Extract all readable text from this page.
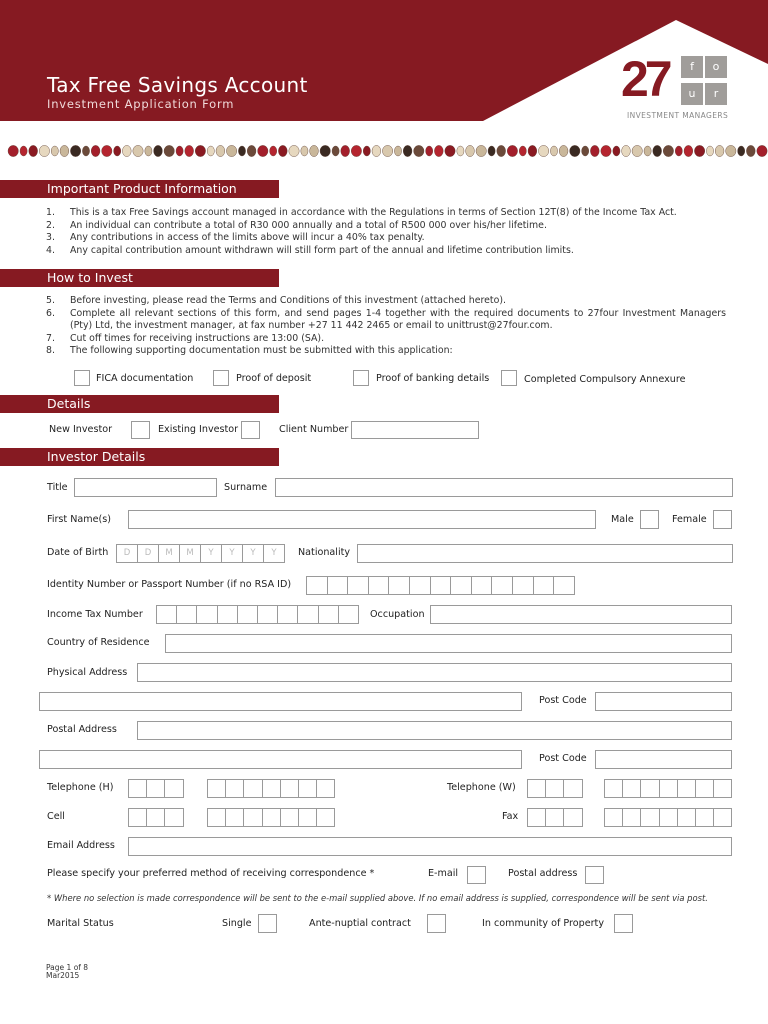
Tax Free Savings Account
Investment Application Form	27	f	o
u	r
INVESTMENT MANAGERS
Important Product Information
1.	This is a tax Free Savings account managed in accordance with the Regulations in terms of Section 12T(8) of the Income Tax Act.
2.	An individual can contribute a total of R30 000 annually and a total of R500 000 over his/her lifetime.
3.	Any contributions in access of the limits above will incur a 40% tax penalty.
4.	Any capital contribution amount withdrawn will still form part of the annual and lifetime contribution limits.
How to Invest
5.	Before investing, please read the Terms and Conditions of this investment (attached hereto).
6.	Complete all relevant sections of this form, and send pages 1-4 together with the required documents to 27four Investment Managers (Pty) Ltd, the investment manager, at fax number +27 11 442 2465 or email to unittrust@27four.com.
7.	Cut off times for receiving instructions are 13:00 (SA).
8.	The following supporting documentation must be submitted with this application:
FICA documentation	Proof of deposit	Proof of banking details	Completed Compulsory Annexure
Details
New Investor	Existing Investor	Client Number
Investor Details
Title	Surname
First Name(s)	Male	Female
Date of Birth	D	D	M	M	Y	Y	Y	Y	Nationality
Identity Number or Passport Number (if no RSA ID)
Income Tax Number	Occupation
Country of Residence
Physical Address
Post Code
Postal Address
Post Code
Telephone (H)	Telephone (W)
Cell	Fax
Email Address
Please specify your preferred method of receiving correspondence *	E-mail	Postal address
* Where no selection is made correspondence will be sent to the e-mail supplied above. If no email address is supplied, correspondence will be sent via post.
Marital Status	Single	Ante-nuptial contract	In community of Property
Page 1 of 8
Mar2015
